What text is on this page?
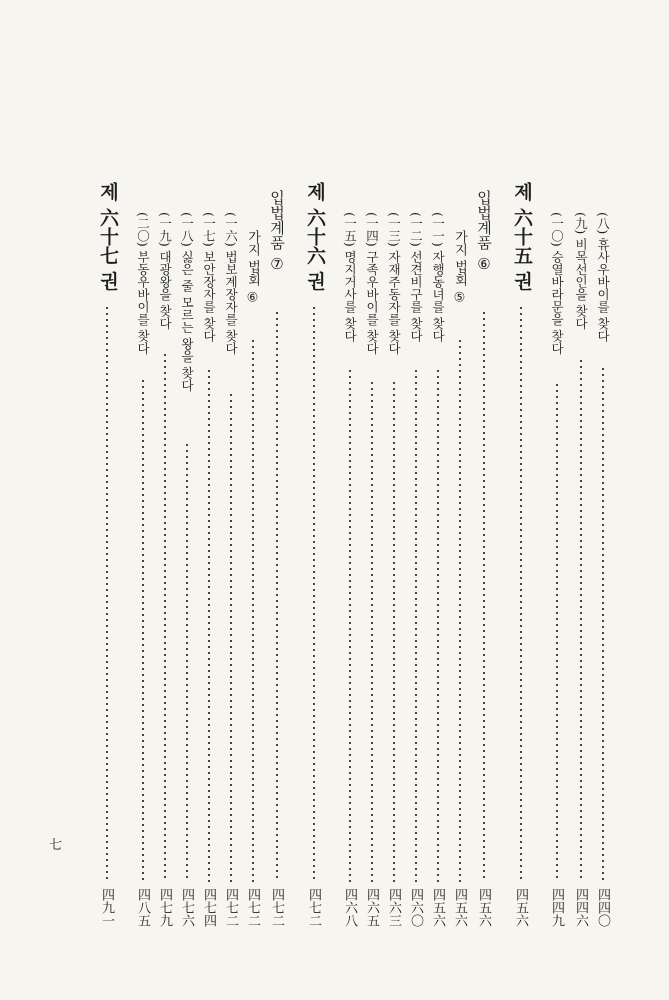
(八) 휴사우바이를 찾다
四四〇
(九) 비목선인을 찾다
四四六
(一〇) 승열바라문을 찾다
四四九
제 六十五 권
四五六
입법계품 ⑥
四五六
가지 법회 ⑤
四五六
(一一) 자행동녀를 찾다
四五六
(一二) 선견비구를 찾다
四六〇
(一三) 자재주동자를 찾다
四六三
(一四) 구족우바이를 찾다
四六五
(一五) 명지거사를 찾다
四六八
제 六十六 권
四七二
입법계품 ⑦
四七二
가지 법회 ⑥
四七二
(一六) 법보계장자를 찾다
四七二
(一七) 보안장자를 찾다
四七四
(一八) 싫은 줄 모르는 왕을 찾다
四七六
(一九) 대광왕을 찾다
四七九
(二〇) 부동우바이를 찾다
四八五
제 六十七 권
四九一
七
